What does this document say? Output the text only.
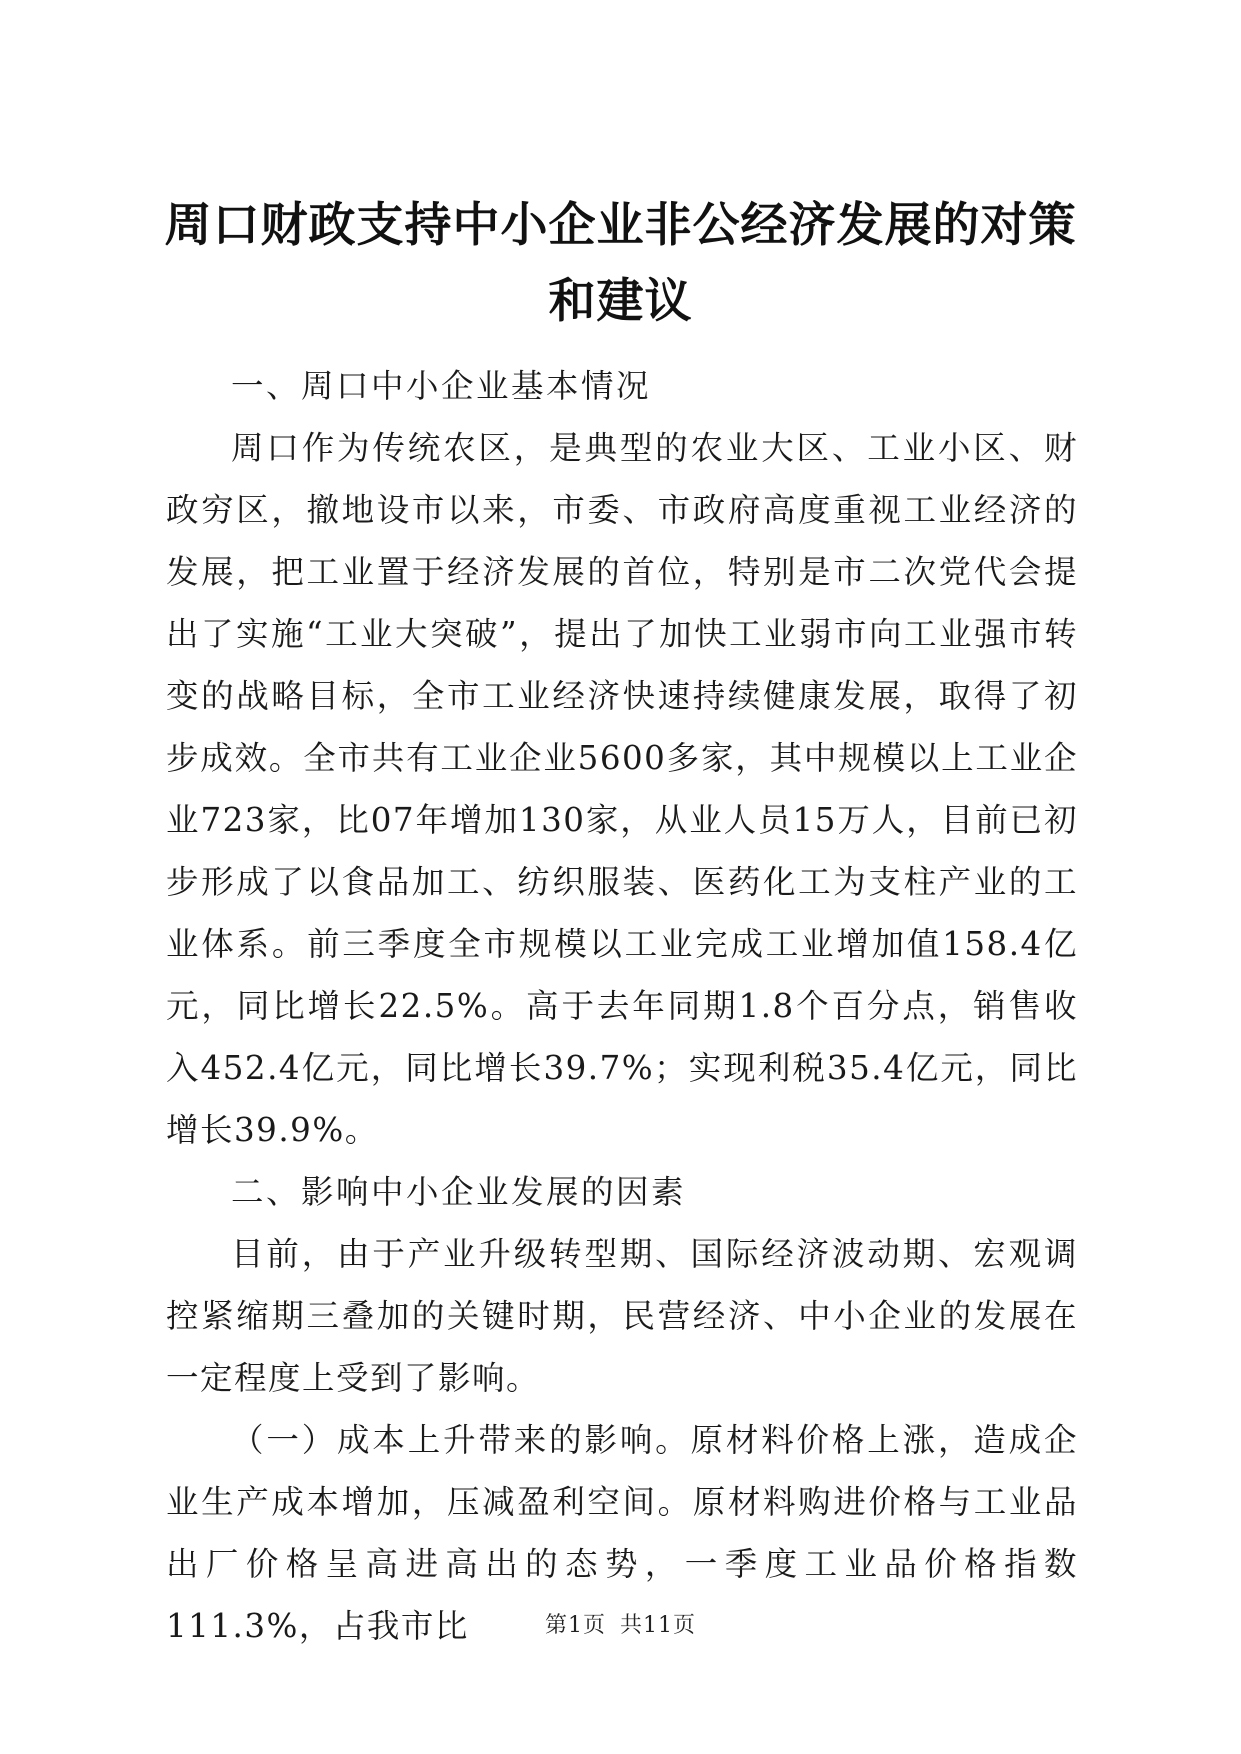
周口财政支持中小企业非公经济发展的对策和建议

一、周口中小企业基本情况

周口作为传统农区，是典型的农业大区、工业小区、财政穷区，撤地设市以来，市委、市政府高度重视工业经济的发展，把工业置于经济发展的首位，特别是市二次党代会提出了实施“工业大突破”，提出了加快工业弱市向工业强市转变的战略目标，全市工业经济快速持续健康发展，取得了初步成效。全市共有工业企业5600多家，其中规模以上工业企业723家，比07年增加130家，从业人员15万人，目前已初步形成了以食品加工、纺织服装、医药化工为支柱产业的工业体系。前三季度全市规模以工业完成工业增加值158.4亿元，同比增长22.5%。高于去年同期1.8个百分点，销售收入452.4亿元，同比增长39.7%；实现利税35.4亿元，同比增长39.9%。

二、影响中小企业发展的因素

目前，由于产业升级转型期、国际经济波动期、宏观调控紧缩期三叠加的关键时期，民营经济、中小企业的发展在一定程度上受到了影响。

（一）成本上升带来的影响。原材料价格上涨，造成企业生产成本增加，压减盈利空间。原材料购进价格与工业品出厂价格呈高进高出的态势，一季度工业品价格指数111.3%，占我市比	第1页 共11页
